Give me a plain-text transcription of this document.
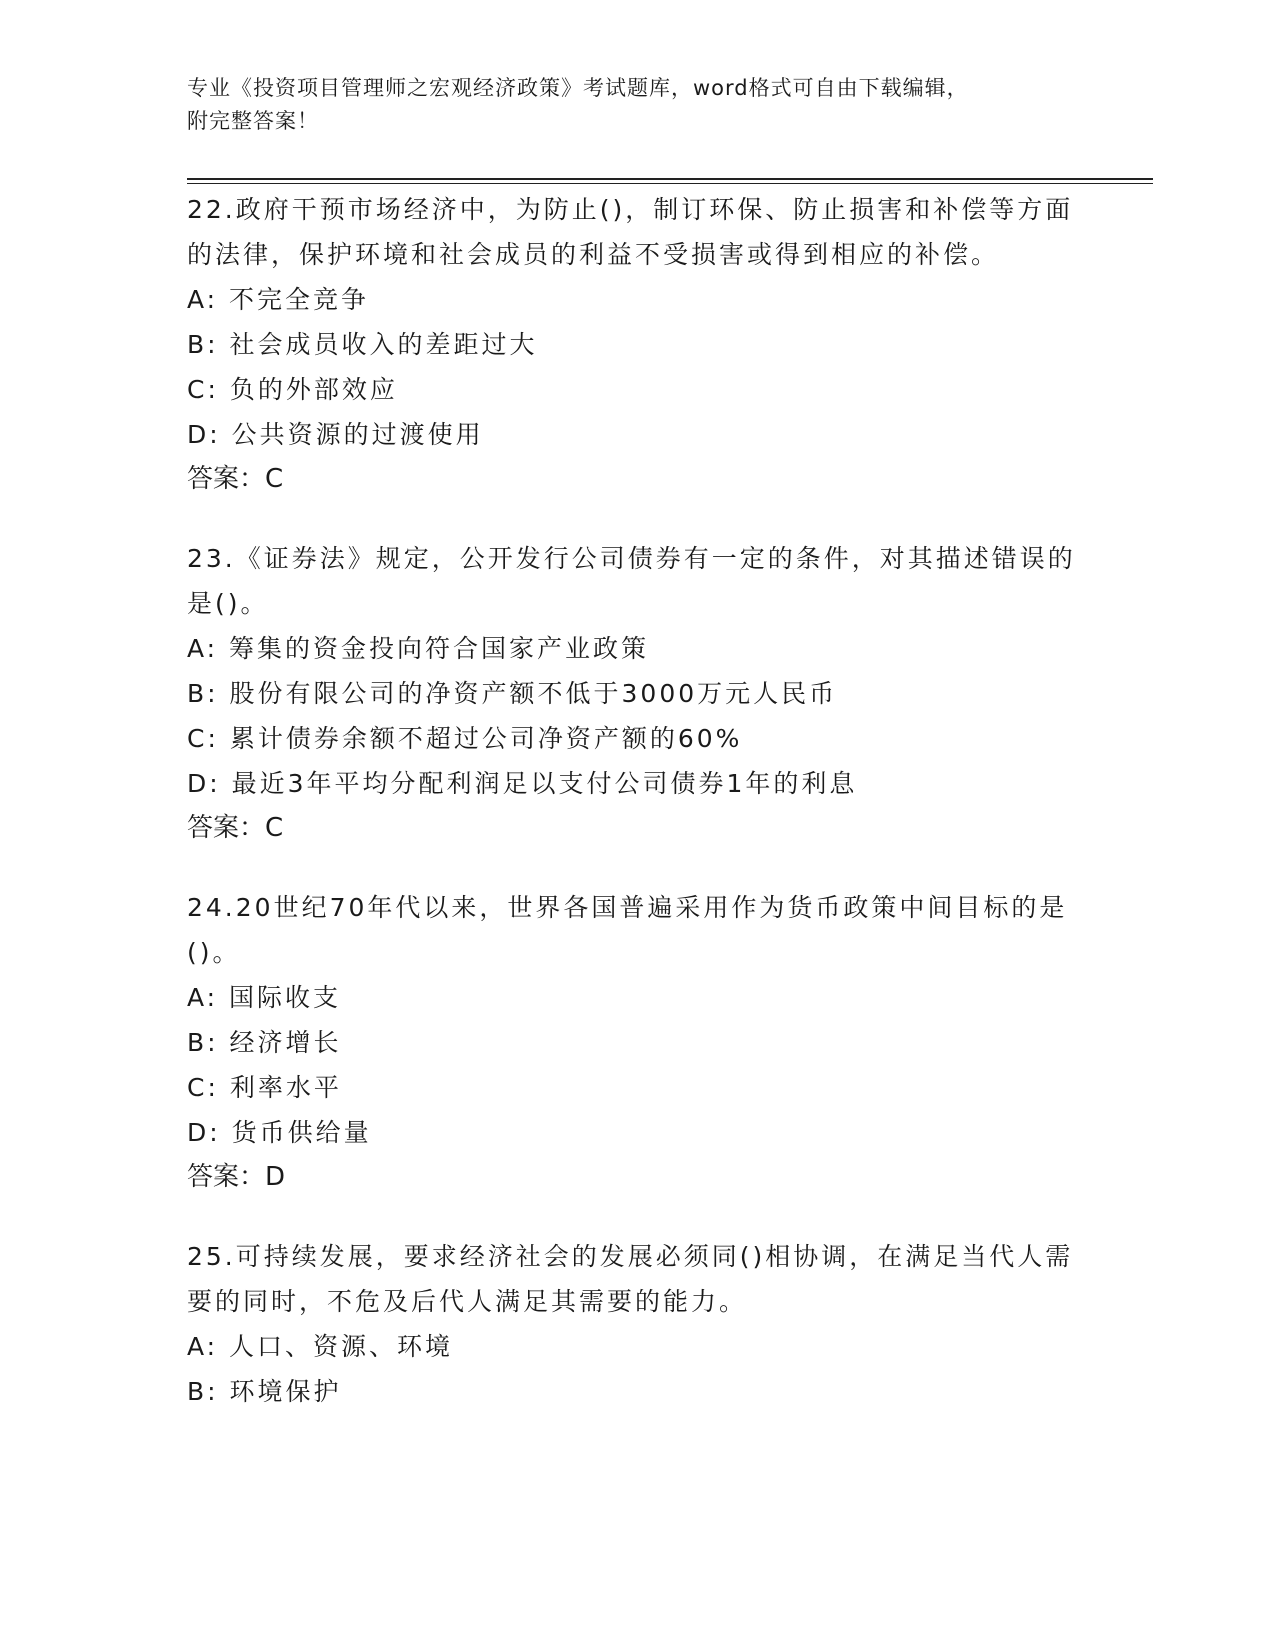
专业《投资项目管理师之宏观经济政策》考试题库，word格式可自由下载编辑，
附完整答案！

22.政府干预市场经济中，为防止()，制订环保、防止损害和补偿等方面的法律，保护环境和社会成员的利益不受损害或得到相应的补偿。

A: 不完全竞争

B: 社会成员收入的差距过大

C: 负的外部效应

D: 公共资源的过渡使用

答案：C

23.《证券法》规定，公开发行公司债券有一定的条件，对其描述错误的是()。

A: 筹集的资金投向符合国家产业政策

B: 股份有限公司的净资产额不低于3000万元人民币

C: 累计债券余额不超过公司净资产额的60%

D: 最近3年平均分配利润足以支付公司债券1年的利息

答案：C

24.20世纪70年代以来，世界各国普遍采用作为货币政策中间目标的是()。

A: 国际收支

B: 经济增长

C: 利率水平

D: 货币供给量

答案：D

25.可持续发展，要求经济社会的发展必须同()相协调，在满足当代人需要的同时，不危及后代人满足其需要的能力。

A: 人口、资源、环境

B: 环境保护
